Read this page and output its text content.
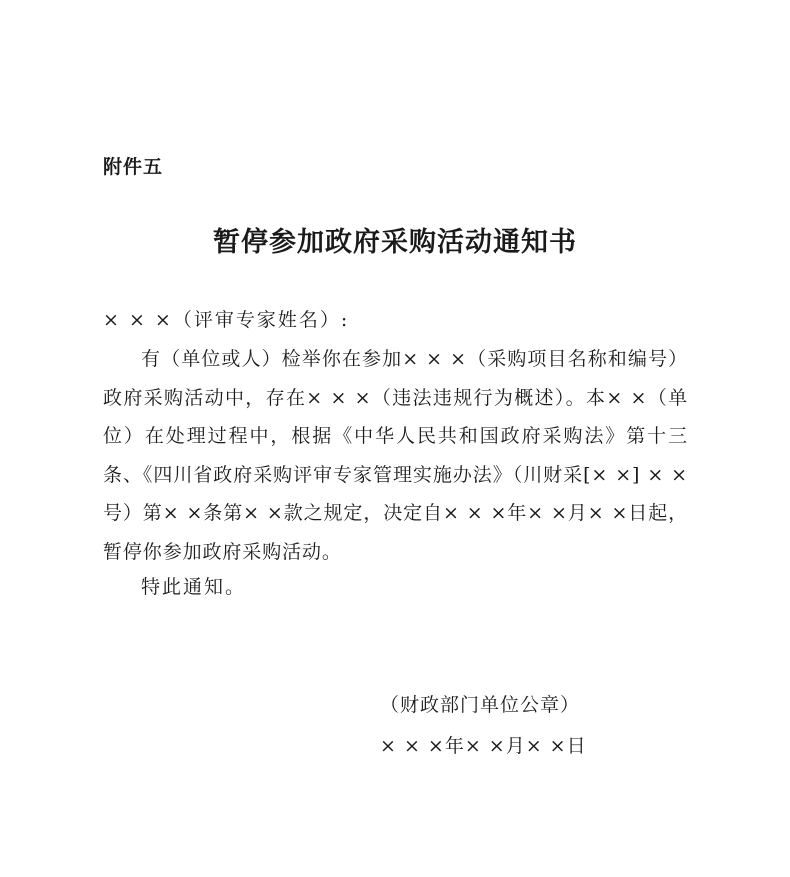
附件五
暂停参加政府采购活动通知书
× × ×（评审专家姓名）:

有（单位或人）检举你在参加× × ×（采购项目名称和编号）政府采购活动中，存在× × ×（违法违规行为概述）。本× ×（单位）在处理过程中，根据《中华人民共和国政府采购法》第十三条、《四川省政府采购评审专家管理实施办法》（川财采[× ×] × ×号）第× ×条第× ×款之规定，决定自× × ×年× ×月× ×日起，暂停你参加政府采购活动。

特此通知。
（财政部门单位公章）
× × ×年× ×月× ×日
